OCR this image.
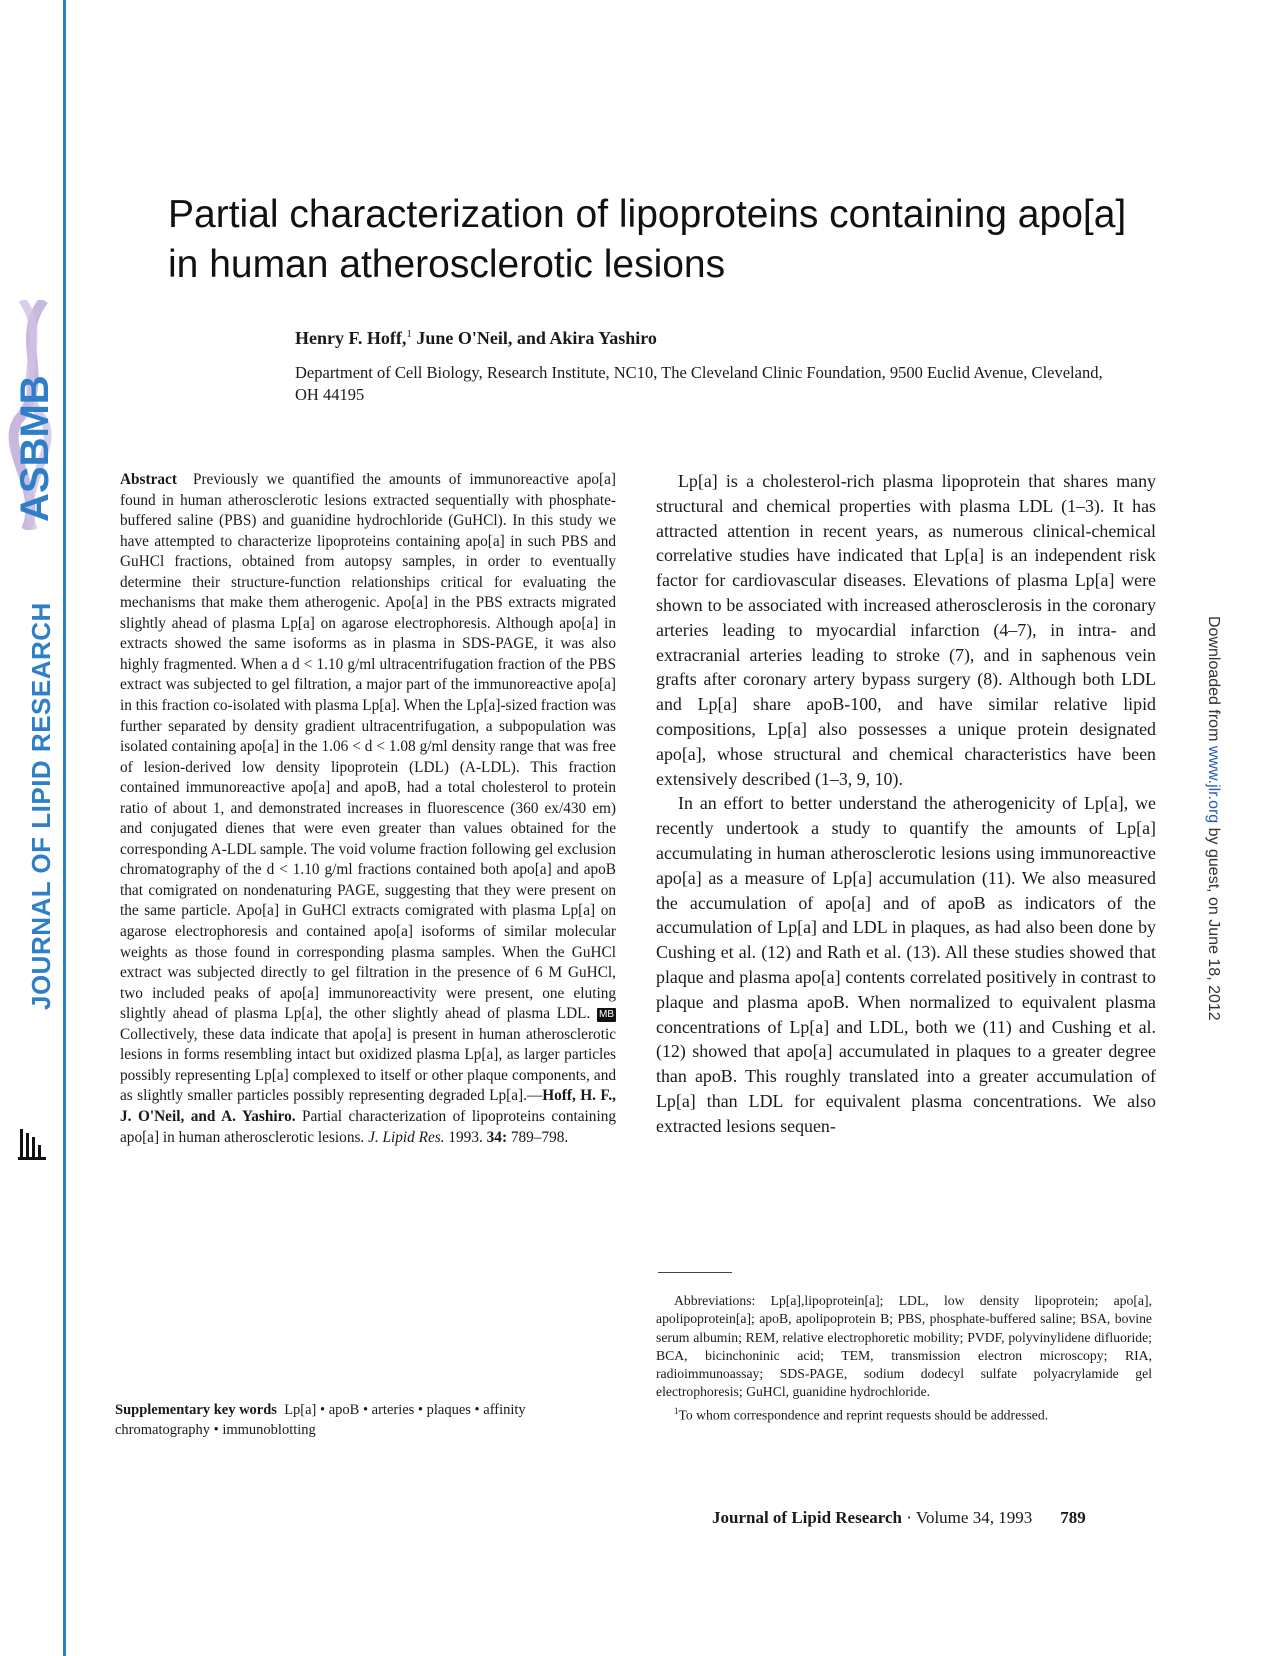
ASBMB
JOURNAL OF LIPID RESEARCH	Downloaded from www.jlr.org by guest, on June 18, 2012
Partial characterization of lipoproteins containing apo[a] in human atherosclerotic lesions
Henry F. Hoff,$^1$ June O'Neil, and Akira Yashiro
Department of Cell Biology, Research Institute, NC10, The Cleveland Clinic Foundation, 9500 Euclid Avenue, Cleveland, OH 44195

Abstract Previously we quantified the amounts of immunoreactive apo[a] found in human atherosclerotic lesions extracted sequentially with phosphate-buffered saline (PBS) and guanidine hydrochloride (GuHCl). In this study we have attempted to characterize lipoproteins containing apo[a] in such PBS and GuHCl fractions, obtained from autopsy samples, in order to eventually determine their structure-function relationships critical for evaluating the mechanisms that make them atherogenic. Apo[a] in the PBS extracts migrated slightly ahead of plasma Lp[a] on agarose electrophoresis. Although apo[a] in extracts showed the same isoforms as in plasma in SDS-PAGE, it was also highly fragmented. When a d < 1.10 g/ml ultracentrifugation fraction of the PBS extract was subjected to gel filtration, a major part of the immunoreactive apo[a] in this fraction co-isolated with plasma Lp[a]. When the Lp[a]-sized fraction was further separated by density gradient ultracentrifugation, a subpopulation was isolated containing apo[a] in the 1.06 < d < 1.08 g/ml density range that was free of lesion-derived low density lipoprotein (LDL) (A-LDL). This fraction contained immunoreactive apo[a] and apoB, had a total cholesterol to protein ratio of about 1, and demonstrated increases in fluorescence (360 ex/430 em) and conjugated dienes that were even greater than values obtained for the corresponding A-LDL sample. The void volume fraction following gel exclusion chromatography of the d < 1.10 g/ml fractions contained both apo[a] and apoB that comigrated on nondenaturing PAGE, suggesting that they were present on the same particle. Apo[a] in GuHCl extracts comigrated with plasma Lp[a] on agarose electrophoresis and contained apo[a] isoforms of similar molecular weights as those found in corresponding plasma samples. When the GuHCl extract was subjected directly to gel filtration in the presence of 6 M GuHCl, two included peaks of apo[a] immunoreactivity were present, one eluting slightly ahead of plasma Lp[a], the other slightly ahead of plasma LDL. MB Collectively, these data indicate that apo[a] is present in human atherosclerotic lesions in forms resembling intact but oxidized plasma Lp[a], as larger particles possibly representing Lp[a] complexed to itself or other plaque components, and as slightly smaller particles possibly representing degraded Lp[a].—Hoff, H. F., J. O'Neil, and A. Yashiro. Partial characterization of lipoproteins containing apo[a] in human atherosclerotic lesions. J. Lipid Res. 1993. 34: 789–798.

Supplementary key words Lp[a] • apoB • arteries • plaques • affinity chromatography • immunoblotting

Lp[a] is a cholesterol-rich plasma lipoprotein that shares many structural and chemical properties with plasma LDL (1–3). It has attracted attention in recent years, as numerous clinical-chemical correlative studies have indicated that Lp[a] is an independent risk factor for cardiovascular diseases. Elevations of plasma Lp[a] were shown to be associated with increased atherosclerosis in the coronary arteries leading to myocardial infarction (4–7), in intra- and extracranial arteries leading to stroke (7), and in saphenous vein grafts after coronary artery bypass surgery (8). Although both LDL and Lp[a] share apoB-100, and have similar relative lipid compositions, Lp[a] also possesses a unique protein designated apo[a], whose structural and chemical characteristics have been extensively described (1–3, 9, 10).

In an effort to better understand the atherogenicity of Lp[a], we recently undertook a study to quantify the amounts of Lp[a] accumulating in human atherosclerotic lesions using immunoreactive apo[a] as a measure of Lp[a] accumulation (11). We also measured the accumulation of apo[a] and of apoB as indicators of the accumulation of Lp[a] and LDL in plaques, as had also been done by Cushing et al. (12) and Rath et al. (13). All these studies showed that plaque and plasma apo[a] contents correlated positively in contrast to plaque and plasma apoB. When normalized to equivalent plasma concentrations of Lp[a] and LDL, both we (11) and Cushing et al. (12) showed that apo[a] accumulated in plaques to a greater degree than apoB. This roughly translated into a greater accumulation of Lp[a] than LDL for equivalent plasma concentrations. We also extracted lesions sequen-

Abbreviations: Lp[a],lipoprotein[a]; LDL, low density lipoprotein; apo[a], apolipoprotein[a]; apoB, apolipoprotein B; PBS, phosphate-buffered saline; BSA, bovine serum albumin; REM, relative electrophoretic mobility; PVDF, polyvinylidene difluoride; BCA, bicinchoninic acid; TEM, transmission electron microscopy; RIA, radioimmunoassay; SDS-PAGE, sodium dodecyl sulfate polyacrylamide gel electrophoresis; GuHCl, guanidine hydrochloride.

$^1$To whom correspondence and reprint requests should be addressed.

Journal of Lipid Research · Volume 34, 1993 789
